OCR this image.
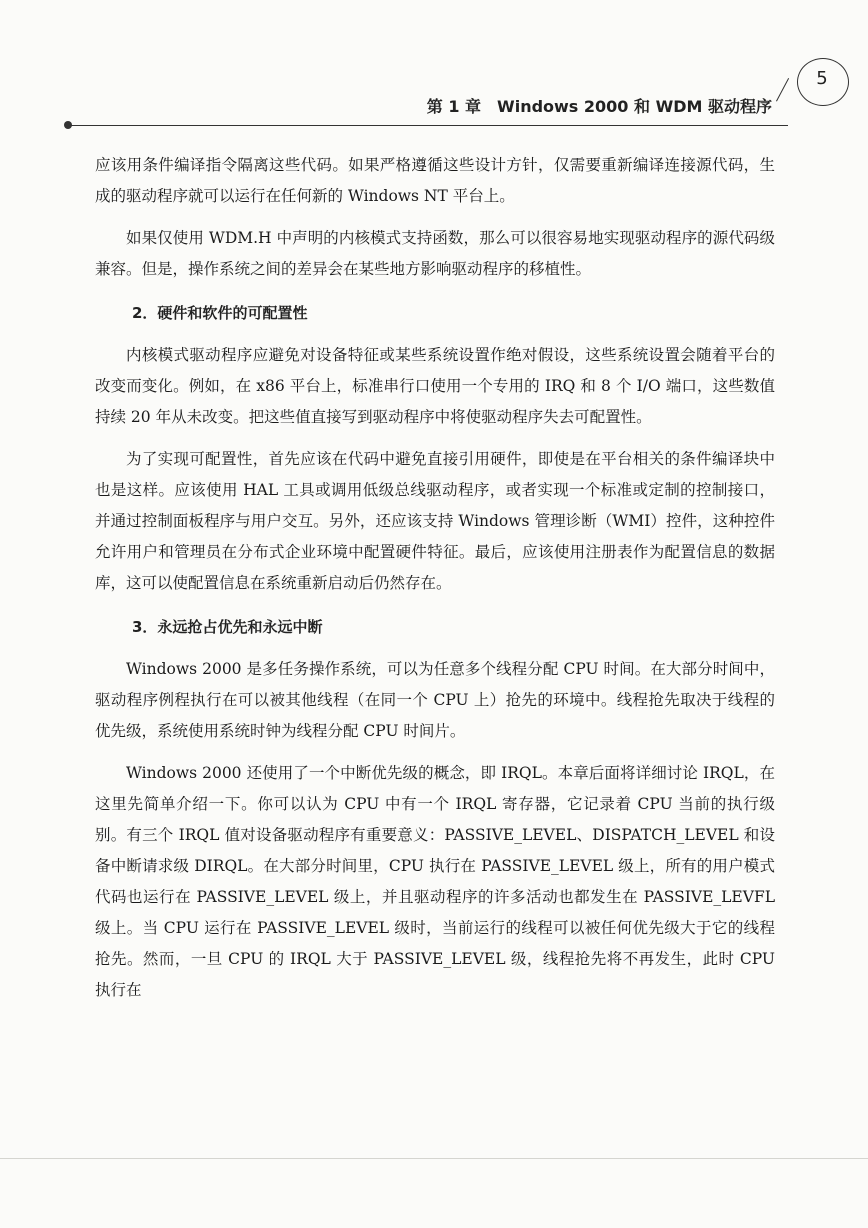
5
第 1 章　Windows 2000 和 WDM 驱动程序

应该用条件编译指令隔离这些代码。如果严格遵循这些设计方针，仅需要重新编译连接源代码，生成的驱动程序就可以运行在任何新的 Windows NT 平台上。

如果仅使用 WDM.H 中声明的内核模式支持函数，那么可以很容易地实现驱动程序的源代码级兼容。但是，操作系统之间的差异会在某些地方影响驱动程序的移植性。

2．硬件和软件的可配置性

内核模式驱动程序应避免对设备特征或某些系统设置作绝对假设，这些系统设置会随着平台的改变而变化。例如，在 x86 平台上，标准串行口使用一个专用的 IRQ 和 8 个 I/O 端口，这些数值持续 20 年从未改变。把这些值直接写到驱动程序中将使驱动程序失去可配置性。

为了实现可配置性，首先应该在代码中避免直接引用硬件，即使是在平台相关的条件编译块中也是这样。应该使用 HAL 工具或调用低级总线驱动程序，或者实现一个标准或定制的控制接口，并通过控制面板程序与用户交互。另外，还应该支持 Windows 管理诊断（WMI）控件，这种控件允许用户和管理员在分布式企业环境中配置硬件特征。最后，应该使用注册表作为配置信息的数据库，这可以使配置信息在系统重新启动后仍然存在。

3．永远抢占优先和永远中断

Windows 2000 是多任务操作系统，可以为任意多个线程分配 CPU 时间。在大部分时间中，驱动程序例程执行在可以被其他线程（在同一个 CPU 上）抢先的环境中。线程抢先取决于线程的优先级，系统使用系统时钟为线程分配 CPU 时间片。

Windows 2000 还使用了一个中断优先级的概念，即 IRQL。本章后面将详细讨论 IRQL，在这里先简单介绍一下。你可以认为 CPU 中有一个 IRQL 寄存器，它记录着 CPU 当前的执行级别。有三个 IRQL 值对设备驱动程序有重要意义：PASSIVE_LEVEL、DISPATCH_LEVEL 和设备中断请求级 DIRQL。在大部分时间里，CPU 执行在 PASSIVE_LEVEL 级上，所有的用户模式代码也运行在 PASSIVE_LEVEL 级上，并且驱动程序的许多活动也都发生在 PASSIVE_LEVFL 级上。当 CPU 运行在 PASSIVE_LEVEL 级时，当前运行的线程可以被任何优先级大于它的线程抢先。然而，一旦 CPU 的 IRQL 大于 PASSIVE_LEVEL 级，线程抢先将不再发生，此时 CPU 执行在
